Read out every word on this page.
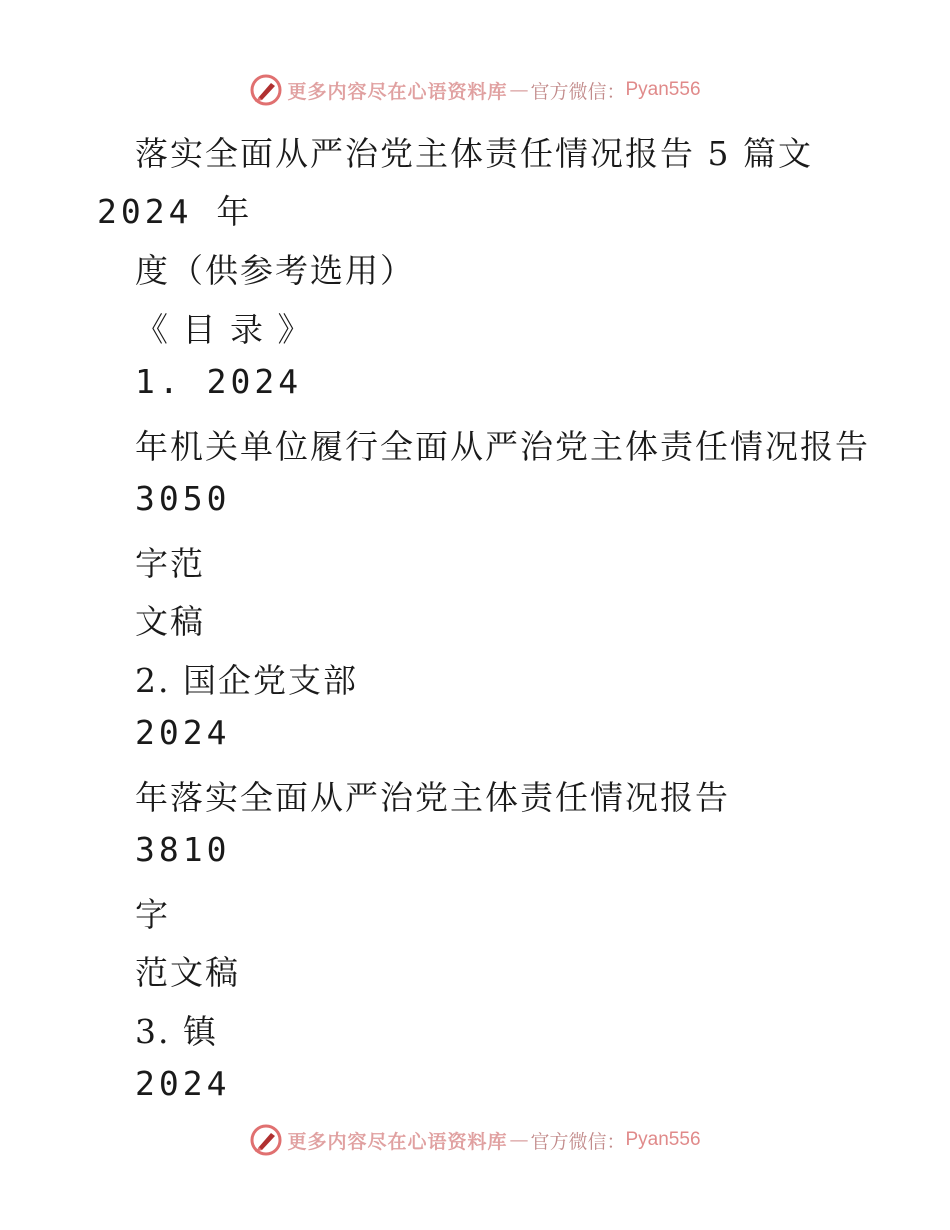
更多内容尽在心语资料库 — 官方微信： Pyan556
落实全面从严治党主体责任情况报告 5 篇文
2024 年
度（供参考选用）
《 目 录 》
1. 2024
年机关单位履行全面从严治党主体责任情况报告
3050
字范
文稿
2. 国企党支部
2024
年落实全面从严治党主体责任情况报告
3810
字
范文稿
3. 镇
2024
更多内容尽在心语资料库 — 官方微信： Pyan556
